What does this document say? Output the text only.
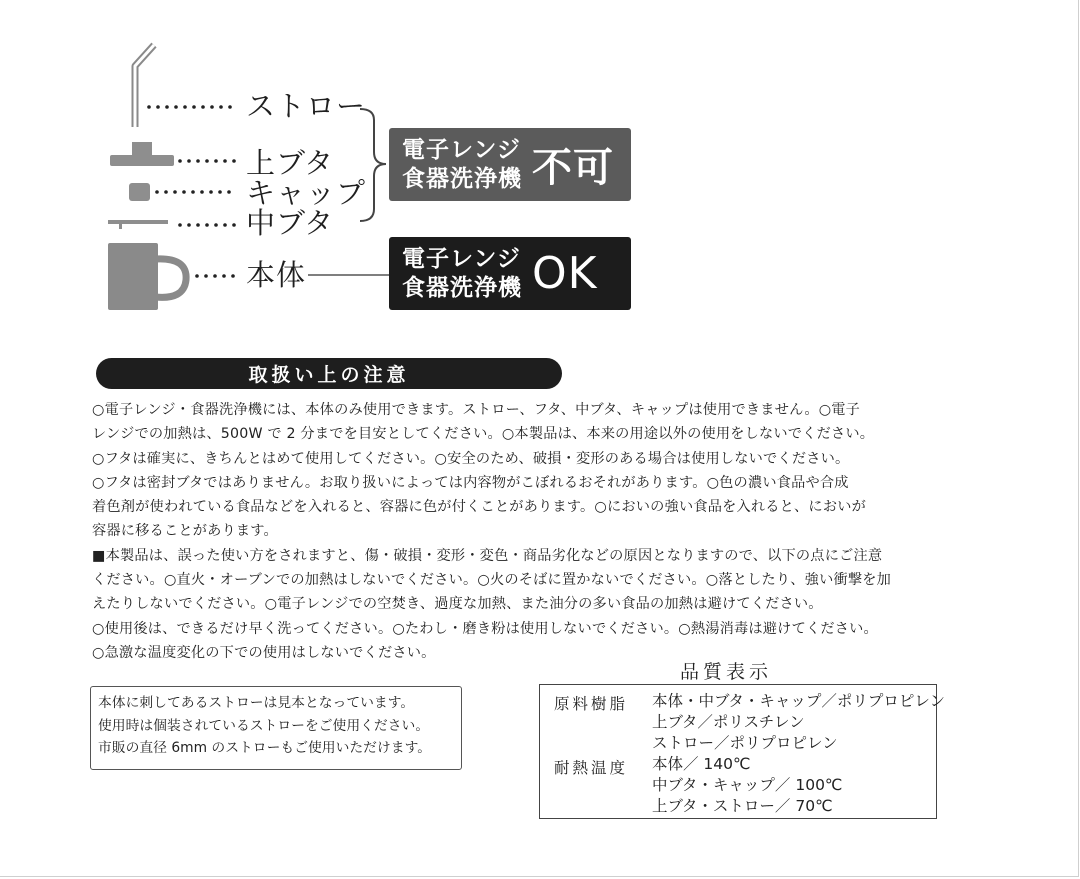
ストロー
上ブタ
キャップ
中ブタ
本体
電子レンジ
食器洗浄機 不可
電子レンジ
食器洗浄機 OK
取扱い上の注意
○電子レンジ・食器洗浄機には、本体のみ使用できます。ストロー、フタ、中ブタ、キャップは使用できません。○電子
レンジでの加熱は、500W で 2 分までを目安としてください。○本製品は、本来の用途以外の使用をしないでください。
○フタは確実に、きちんとはめて使用してください。○安全のため、破損・変形のある場合は使用しないでください。
○フタは密封ブタではありません。お取り扱いによっては内容物がこぼれるおそれがあります。○色の濃い食品や合成
着色剤が使われている食品などを入れると、容器に色が付くことがあります。○においの強い食品を入れると、においが
容器に移ることがあります。
■本製品は、誤った使い方をされますと、傷・破損・変形・変色・商品劣化などの原因となりますので、以下の点にご注意
ください。○直火・オーブンでの加熱はしないでください。○火のそばに置かないでください。○落としたり、強い衝撃を加
えたりしないでください。○電子レンジでの空焚き、過度な加熱、また油分の多い食品の加熱は避けてください。
○使用後は、できるだけ早く洗ってください。○たわし・磨き粉は使用しないでください。○熱湯消毒は避けてください。
○急激な温度変化の下での使用はしないでください。
本体に刺してあるストローは見本となっています。
使用時は個装されているストローをご使用ください。
市販の直径 6mm のストローもご使用いただけます。
品質表示
原料樹脂 本体・中ブタ・キャップ／ポリプロピレン
上ブタ／ポリスチレン
ストロー／ポリプロピレン
耐熱温度 本体／ 140℃
中ブタ・キャップ／ 100℃
上ブタ・ストロー／ 70℃
